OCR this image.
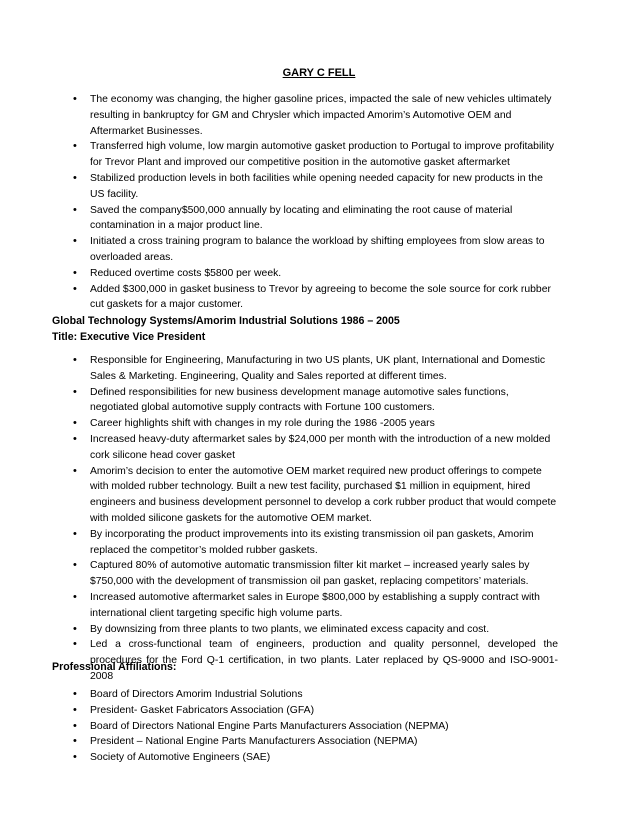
GARY C FELL
• The economy was changing, the higher gasoline prices, impacted the sale of new vehicles ultimately resulting in bankruptcy for GM and Chrysler which impacted Amorim’s Automotive OEM and Aftermarket Businesses.
• Transferred high volume, low margin automotive gasket production to Portugal to improve profitability for Trevor Plant and improved our competitive position in the automotive gasket aftermarket
• Stabilized production levels in both facilities while opening needed capacity for new products in the US facility.
• Saved the company$500,000 annually by locating and eliminating the root cause of material contamination in a major product line.
• Initiated a cross training program to balance the workload by shifting employees from slow areas to overloaded areas.
• Reduced overtime costs $5800 per week.
• Added $300,000 in gasket business to Trevor by agreeing to become the sole source for cork rubber cut gaskets for a major customer.
Global Technology Systems/Amorim Industrial Solutions 1986 – 2005
Title: Executive Vice President
• Responsible for Engineering, Manufacturing in two US plants, UK plant, International and Domestic Sales & Marketing. Engineering, Quality and Sales reported at different times.
• Defined responsibilities for new business development manage automotive sales functions, negotiated global automotive supply contracts with Fortune 100 customers.
• Career highlights shift with changes in my role during the 1986 -2005 years
• Increased heavy-duty aftermarket sales by $24,000 per month with the introduction of a new molded cork silicone head cover gasket
• Amorim’s decision to enter the automotive OEM market required new product offerings to compete with molded rubber technology. Built a new test facility, purchased $1 million in equipment, hired engineers and business development personnel to develop a cork rubber product that would compete with molded silicone gaskets for the automotive OEM market.
• By incorporating the product improvements into its existing transmission oil pan gaskets, Amorim replaced the competitor’s molded rubber gaskets.
• Captured 80% of automotive automatic transmission filter kit market – increased yearly sales by $750,000 with the development of transmission oil pan gasket, replacing competitors’ materials.
• Increased automotive aftermarket sales in Europe $800,000 by establishing a supply contract with international client targeting specific high volume parts.
• By downsizing from three plants to two plants, we eliminated excess capacity and cost.
• Led a cross-functional team of engineers, production and quality personnel, developed the procedures for the Ford Q-1 certification, in two plants. Later replaced by QS-9000 and ISO-9001-2008
Professional Affiliations:
• Board of Directors Amorim Industrial Solutions
• President- Gasket Fabricators Association (GFA)
• Board of Directors National Engine Parts Manufacturers Association (NEPMA)
• President – National Engine Parts Manufacturers Association (NEPMA)
• Society of Automotive Engineers (SAE)
